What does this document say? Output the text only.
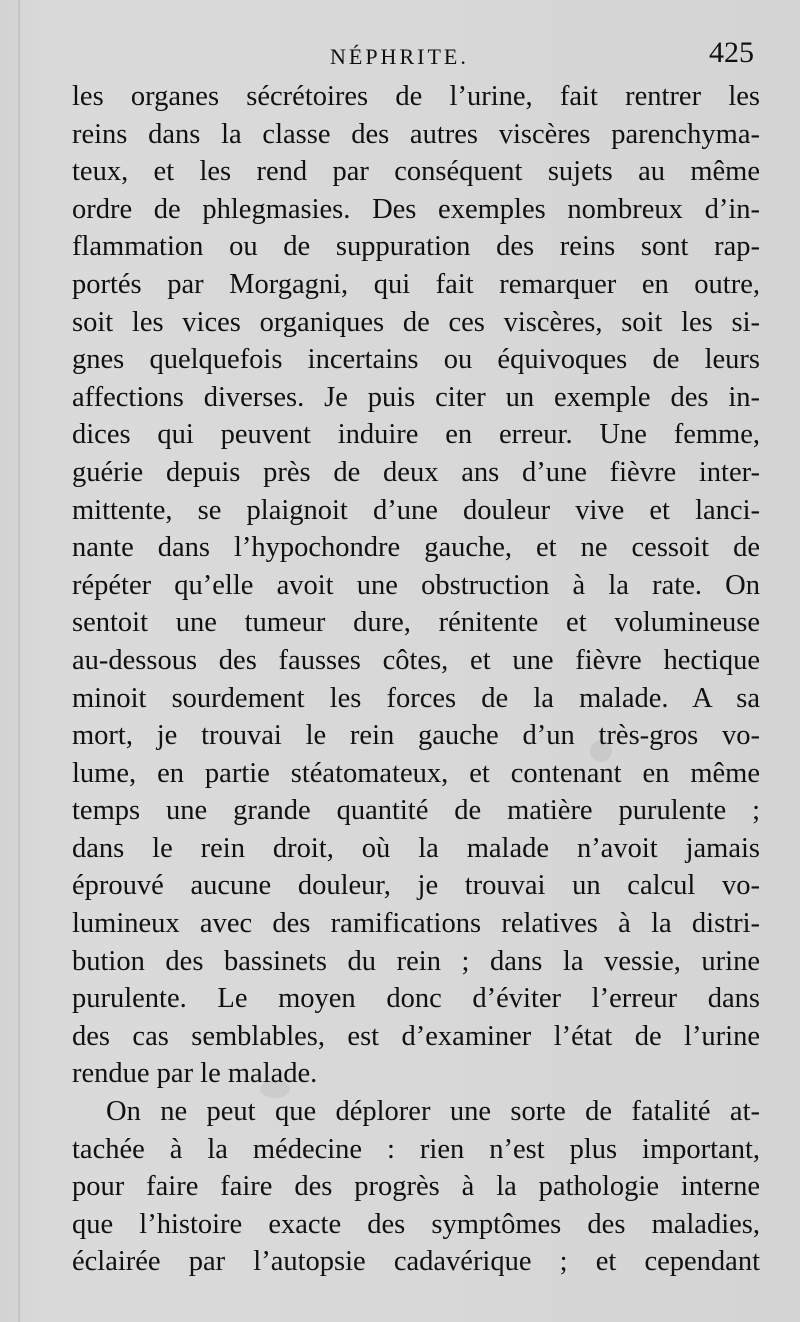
NÉPHRITE.	425
les organes sécrétoires de l’urine, fait rentrer les
reins dans la classe des autres viscères parenchyma-
teux, et les rend par conséquent sujets au même
ordre de phlegmasies. Des exemples nombreux d’in-
flammation ou de suppuration des reins sont rap-
portés par Morgagni, qui fait remarquer en outre,
soit les vices organiques de ces viscères, soit les si-
gnes quelquefois incertains ou équivoques de leurs
affections diverses. Je puis citer un exemple des in-
dices qui peuvent induire en erreur. Une femme,
guérie depuis près de deux ans d’une fièvre inter-
mittente, se plaignoit d’une douleur vive et lanci-
nante dans l’hypochondre gauche, et ne cessoit de
répéter qu’elle avoit une obstruction à la rate. On
sentoit une tumeur dure, rénitente et volumineuse
au-dessous des fausses côtes, et une fièvre hectique
minoit sourdement les forces de la malade. A sa
mort, je trouvai le rein gauche d’un très-gros vo-
lume, en partie stéatomateux, et contenant en même
temps une grande quantité de matière purulente ;
dans le rein droit, où la malade n’avoit jamais
éprouvé aucune douleur, je trouvai un calcul vo-
lumineux avec des ramifications relatives à la distri-
bution des bassinets du rein ; dans la vessie, urine
purulente. Le moyen donc d’éviter l’erreur dans
des cas semblables, est d’examiner l’état de l’urine
rendue par le malade.
On ne peut que déplorer une sorte de fatalité at-
tachée à la médecine : rien n’est plus important,
pour faire faire des progrès à la pathologie interne
que l’histoire exacte des symptômes des maladies,
éclairée par l’autopsie cadavérique ; et cependant
